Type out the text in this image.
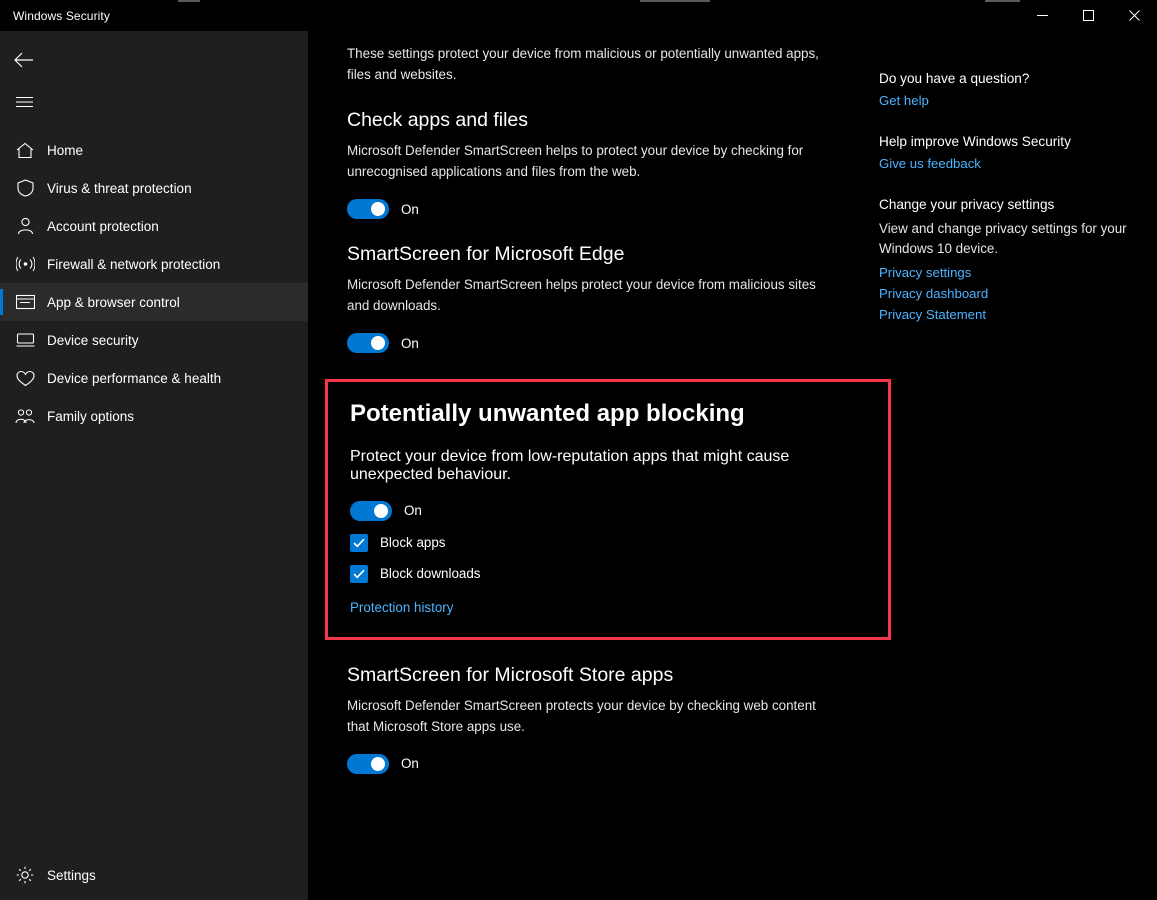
Windows Security
Home
Virus & threat protection
Account protection
Firewall & network protection
App & browser control
Device security
Device performance & health
Family options
Settings

These settings protect your device from malicious or potentially unwanted apps, files and websites.

Check apps and files

Microsoft Defender SmartScreen helps to protect your device by checking for unrecognised applications and files from the web.

On
SmartScreen for Microsoft Edge

Microsoft Defender SmartScreen helps protect your device from malicious sites and downloads.

On
Potentially unwanted app blocking

Protect your device from low-reputation apps that might cause unexpected behaviour.

On
Block apps
Block downloads
Protection history
SmartScreen for Microsoft Store apps

Microsoft Defender SmartScreen protects your device by checking web content that Microsoft Store apps use.

On

Do you have a question?

Get help

Help improve Windows Security

Give us feedback

Change your privacy settings

View and change privacy settings for your Windows 10 device.

Privacy settings
Privacy dashboard
Privacy Statement
